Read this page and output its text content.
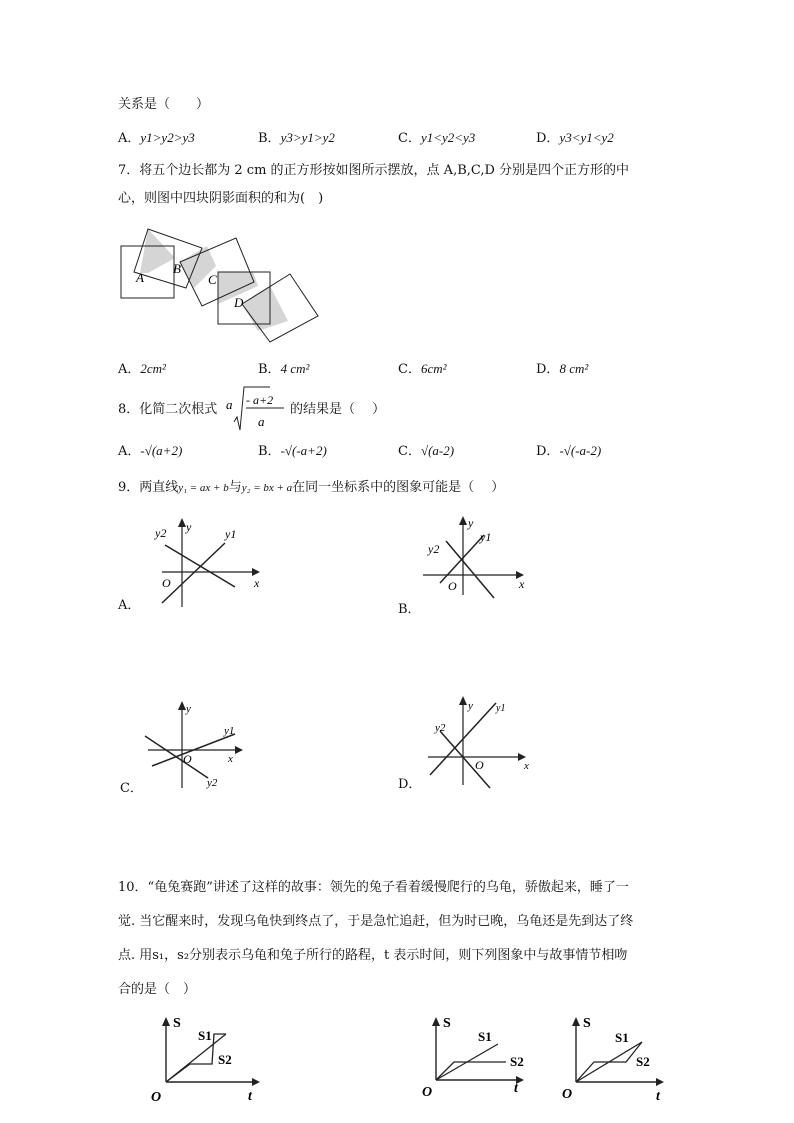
关系是（　　）
A．y1>y2>y3	B．y3>y1>y2	C．y1<y2<y3	D．y3<y1<y2
7．将五个边长都为 2 cm 的正方形按如图所示摆放，点 A,B,C,D 分别是四个正方形的中
心，则图中四块阴影面积的和为(　)
A
B
C
D
A．2cm²	B．4 cm²	C．6cm²	D．8 cm²
8．化简二次根式 a - a+2
a
的结果是（　 ）
A．-√(a+2)	B．-√(-a+2)	C．√(a-2)	D．-√(-a-2)
9．两直线y₁ = ax + b与y₂ = bx + a在同一坐标系中的图象可能是（　 ）
y2 y	y1
O	x
A．
y
y1
y2
O	x
B．
y
y1
x
O
y2
C．
y y1
y2
O	x
D．
10．“龟兔赛跑”讲述了这样的故事：领先的兔子看着缓慢爬行的乌龟，骄傲起来，睡了一
觉. 当它醒来时，发现乌龟快到终点了，于是急忙追赶，但为时已晚，乌龟还是先到达了终
点. 用s₁，s₂分别表示乌龟和兔子所行的路程，t 表示时间，则下列图象中与故事情节相吻
合的是（　）
S
S1
S2
O	t
S
S1
S2
O	t
S
S1
S2
O	t
